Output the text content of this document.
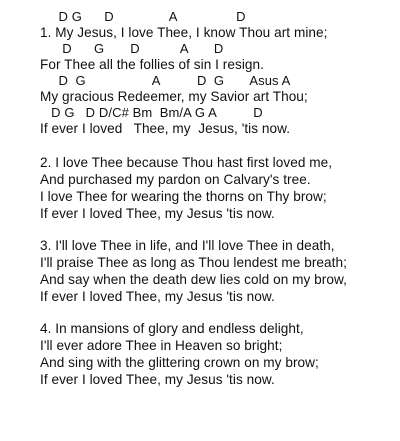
D G      D               A                D
1. My Jesus, I love Thee, I know Thou art mine;
D      G       D           A       D
For Thee all the follies of sin I resign.
D  G                  A          D  G       Asus A
My gracious Redeemer, my Savior art Thou;
D G   D D/C# Bm  Bm/A G A          D
If ever I loved   Thee, my  Jesus, 'tis now.
2. I love Thee because Thou hast first loved me,
And purchased my pardon on Calvary's tree.
I love Thee for wearing the thorns on Thy brow;
If ever I loved Thee, my Jesus 'tis now.
3. I'll love Thee in life, and I'll love Thee in death,
I'll praise Thee as long as Thou lendest me breath;
And say when the death dew lies cold on my brow,
If ever I loved Thee, my Jesus 'tis now.
4. In mansions of glory and endless delight,
I'll ever adore Thee in Heaven so bright;
And sing with the glittering crown on my brow;
If ever I loved Thee, my Jesus 'tis now.
